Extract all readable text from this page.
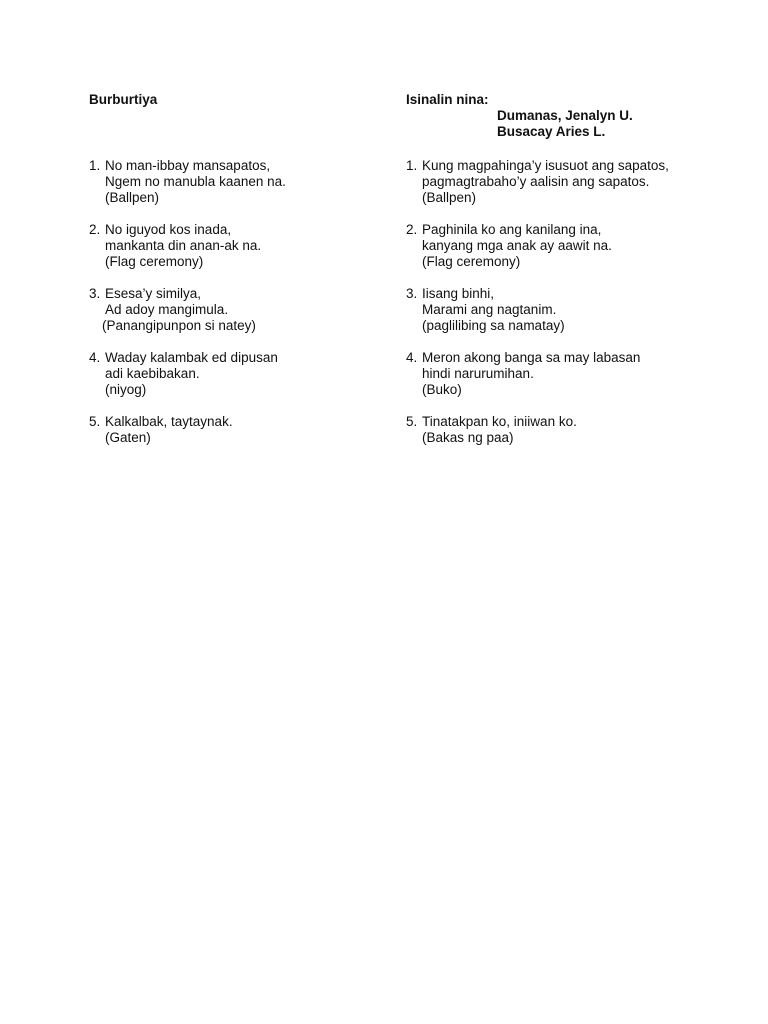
Burburtiya

1. No man-ibbay mansapatos,
Ngem no manubla kaanen na.
(Ballpen)
2. No iguyod kos inada,
mankanta din anan-ak na.
(Flag ceremony)
3. Esesa’y similya,
Ad adoy mangimula.
(Panangipunpon si natey)
4. Waday kalambak ed dipusan
adi kaebibakan.
(niyog)
5. Kalkalbak, taytaynak.
(Gaten)

Isinalin nina:

Dumanas, Jenalyn U.
Busacay Aries L.

1. Kung magpahinga’y isusuot ang sapatos,
pagmagtrabaho’y aalisin ang sapatos.
(Ballpen)
2. Paghinila ko ang kanilang ina,
kanyang mga anak ay aawit na.
(Flag ceremony)
3. Iisang binhi,
Marami ang nagtanim.
(paglilibing sa namatay)
4. Meron akong banga sa may labasan
hindi narurumihan.
(Buko)
5. Tinatakpan ko, iniiwan ko.
(Bakas ng paa)
